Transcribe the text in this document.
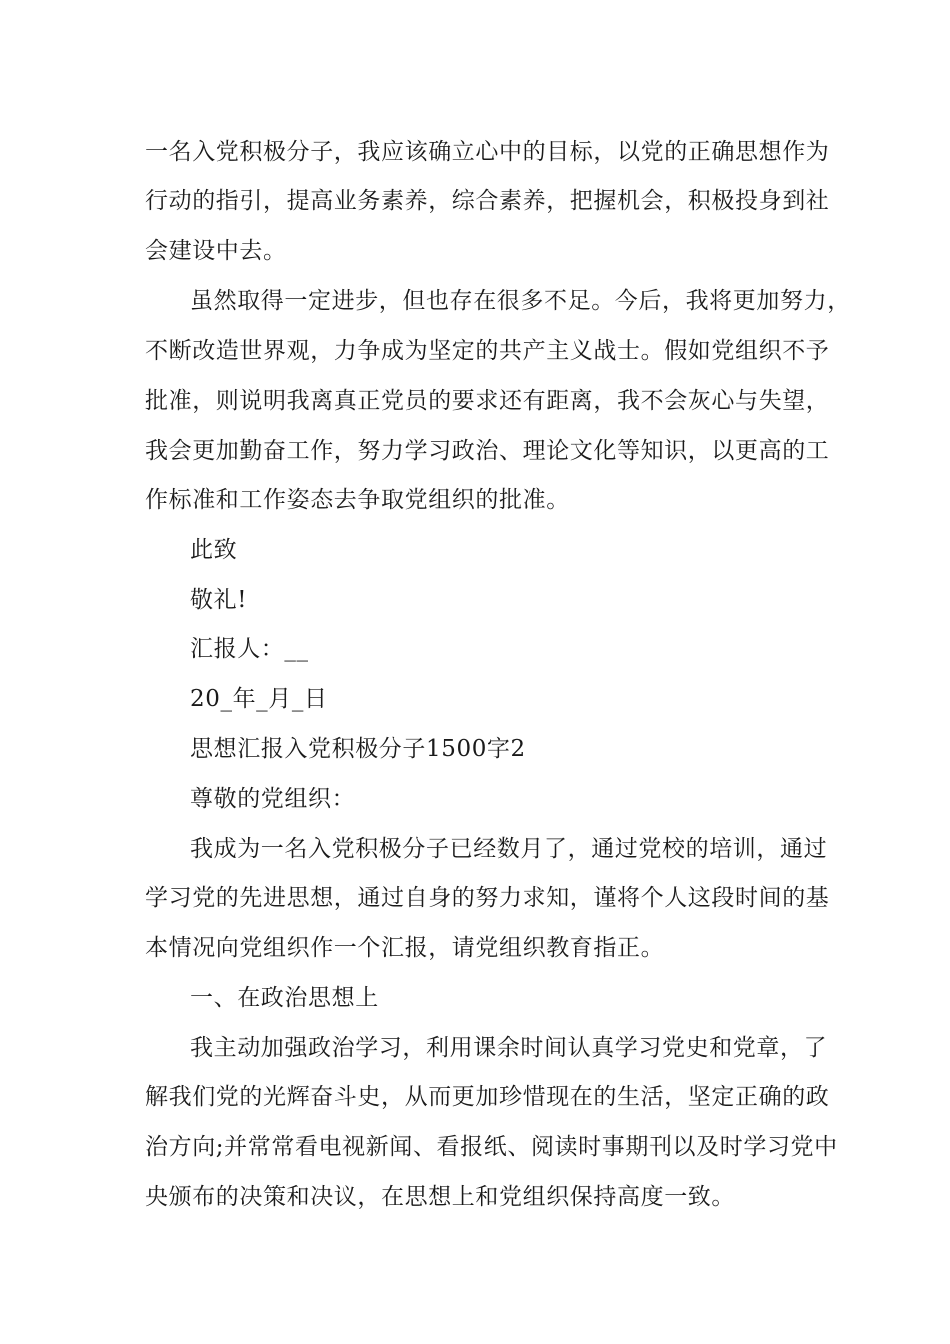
一名入党积极分子，我应该确立心中的目标，以党的正确思想作为
行动的指引，提高业务素养，综合素养，把握机会，积极投身到社
会建设中去。
虽然取得一定进步，但也存在很多不足。今后，我将更加努力，
不断改造世界观，力争成为坚定的共产主义战士。假如党组织不予
批准，则说明我离真正党员的要求还有距离，我不会灰心与失望，
我会更加勤奋工作，努力学习政治、理论文化等知识，以更高的工
作标准和工作姿态去争取党组织的批准。
此致
敬礼!
汇报人：__
20_年_月_日
思想汇报入党积极分子1500字2
尊敬的党组织：
我成为一名入党积极分子已经数月了，通过党校的培训，通过
学习党的先进思想，通过自身的努力求知，谨将个人这段时间的基
本情况向党组织作一个汇报，请党组织教育指正。
一、在政治思想上
我主动加强政治学习，利用课余时间认真学习党史和党章，了
解我们党的光辉奋斗史，从而更加珍惜现在的生活，坚定正确的政
治方向;并常常看电视新闻、看报纸、阅读时事期刊以及时学习党中
央颁布的决策和决议，在思想上和党组织保持高度一致。
